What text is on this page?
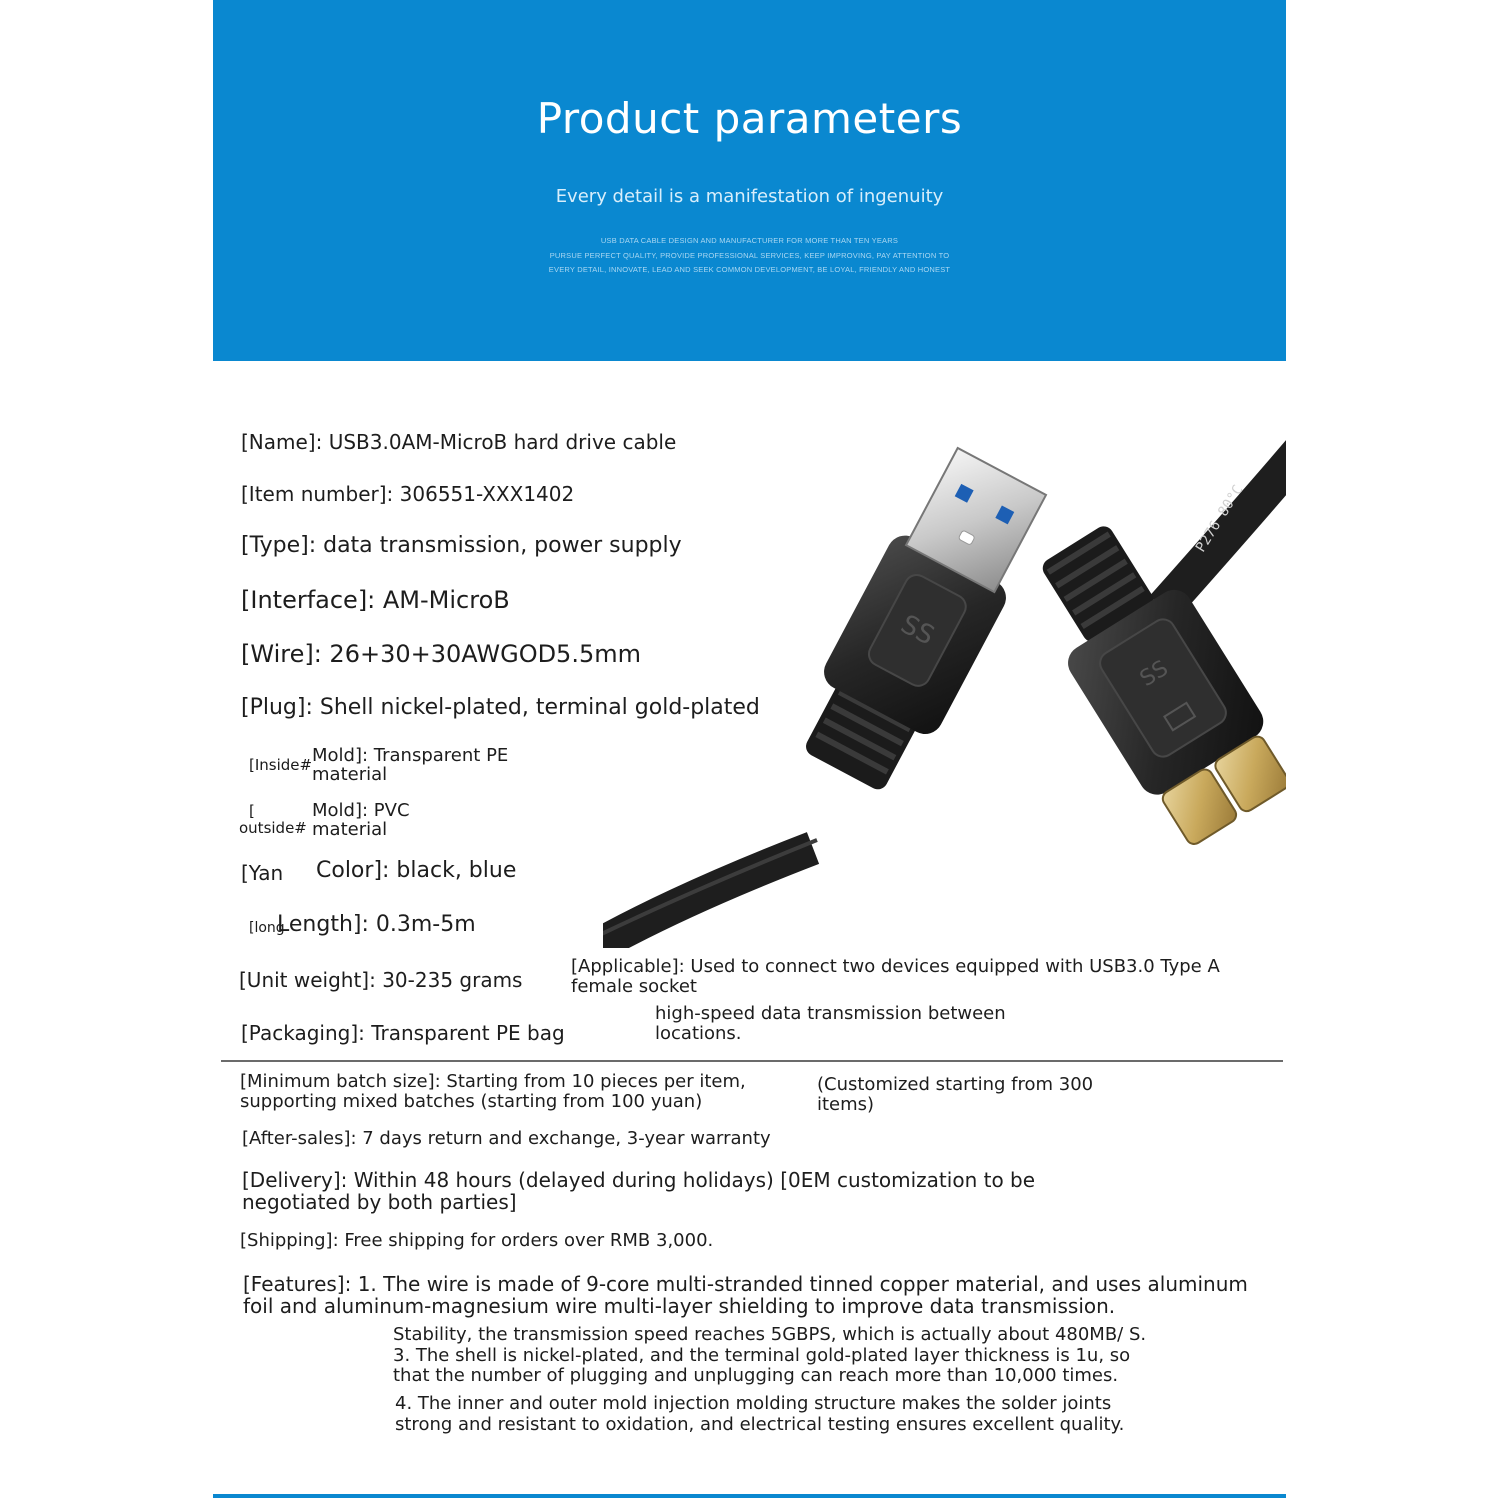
Product parameters
Every detail is a manifestation of ingenuity
USB DATA CABLE DESIGN AND MANUFACTURER FOR MORE THAN TEN YEARS
PURSUE PERFECT QUALITY, PROVIDE PROFESSIONAL SERVICES, KEEP IMPROVING, PAY ATTENTION TO
EVERY DETAIL, INNOVATE, LEAD AND SEEK COMMON DEVELOPMENT, BE LOYAL, FRIENDLY AND HONEST
P276 80°C
SS
SS
[Name]: USB3.0AM-MicroB hard drive cable
[Item number]: 306551-XXX1402
[Type]: data transmission, power supply
[Interface]: AM-MicroB
[Wire]: 26+30+30AWGOD5.5mm
[Plug]: Shell nickel-plated, terminal gold-plated
[Inside# Mold]: Transparent PE material
[
outside#
Mold]: PVC material
[Yan Color]: black, blue
[long
Length]: 0.3m-5m
[Unit weight]: 30-235 grams
[Packaging]: Transparent PE bag
[Applicable]: Used to connect two devices equipped with USB3.0 Type A female socket
high-speed data transmission between locations.
[Minimum batch size]: Starting from 10 pieces per item, supporting mixed batches (starting from 100 yuan)
(Customized starting from 300 items)
[After-sales]: 7 days return and exchange, 3-year warranty
[Delivery]: Within 48 hours (delayed during holidays) [0EM customization to be negotiated by both parties]
[Shipping]: Free shipping for orders over RMB 3,000.
[Features]: 1. The wire is made of 9-core multi-stranded tinned copper material, and uses aluminum foil and aluminum-magnesium wire multi-layer shielding to improve data transmission.
Stability, the transmission speed reaches 5GBPS, which is actually about 480MB/ S. 3. The shell is nickel-plated, and the terminal gold-plated layer thickness is 1u, so that the number of plugging and unplugging can reach more than 10,000 times.
4. The inner and outer mold injection molding structure makes the solder joints strong and resistant to oxidation, and electrical testing ensures excellent quality.
